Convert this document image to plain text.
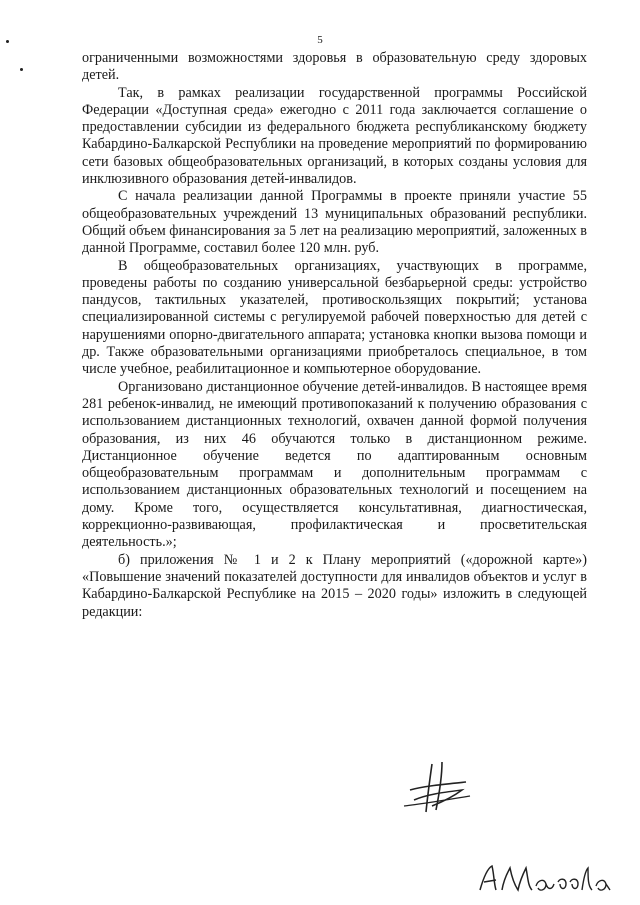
5

ограниченными возможностями здоровья в образовательную среду здоровых детей.

Так, в рамках реализации государственной программы Российской Федерации «Доступная среда» ежегодно с 2011 года заключается соглашение о предоставлении субсидии из федерального бюджета республиканскому бюджету Кабардино-Балкарской Республики на проведение мероприятий по формированию сети базовых общеобразовательных организаций, в которых созданы условия для инклюзивного образования детей-инвалидов.

С начала реализации данной Программы в проекте приняли участие 55 общеобразовательных учреждений 13 муниципальных образований республики. Общий объем финансирования за 5 лет на реализацию мероприятий, заложенных в данной Программе, составил более 120 млн. руб.

В общеобразовательных организациях, участвующих в программе, проведены работы по созданию универсальной безбарьерной среды: устройство пандусов, тактильных указателей, противоскользящих покрытий; установа специализированной системы с регулируемой рабочей поверхностью для детей с нарушениями опорно-двигательного аппарата; установка кнопки вызова помощи и др. Также образовательными организациями приобреталось специальное, в том числе учебное, реабилитационное и компьютерное оборудование.

Организовано дистанционное обучение детей-инвалидов. В настоящее время 281 ребенок-инвалид, не имеющий противопоказаний к получению образования с использованием дистанционных технологий, охвачен данной формой получения образования, из них 46 обучаются только в дистанционном режиме. Дистанционное обучение ведется по адаптированным основным общеобразовательным программам и дополнительным программам с использованием дистанционных образовательных технологий и посещением на дому. Кроме того, осуществляется консультативная, диагностическая, коррекционно-развивающая, профилактическая и просветительская деятельность.»;

б) приложения № 1 и 2 к Плану мероприятий («дорожной карте») «Повышение значений показателей доступности для инвалидов объектов и услуг в Кабардино-Балкарской Республике на 2015 – 2020 годы» изложить в следующей редакции:
